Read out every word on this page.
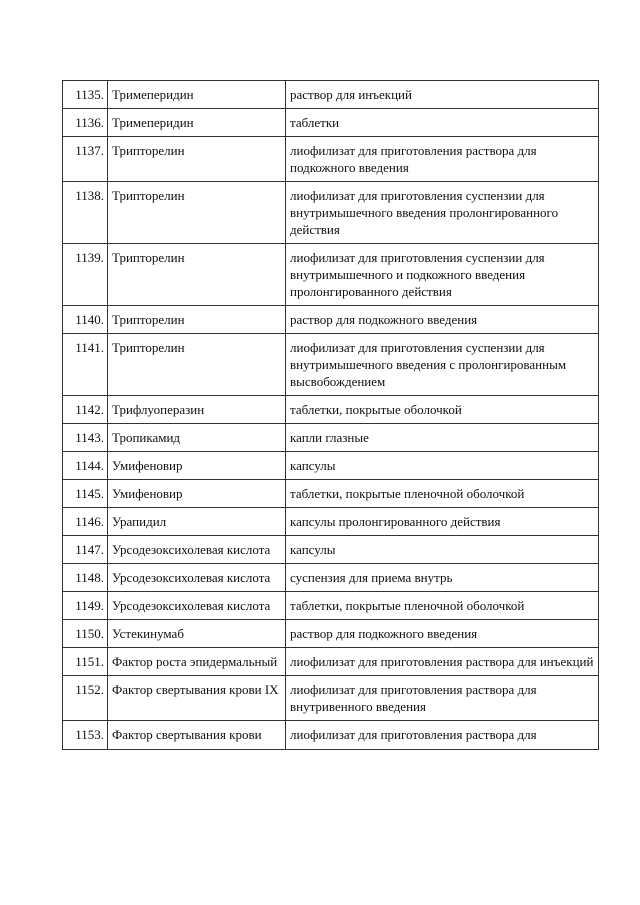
1135.	Тримеперидин	раствор для инъекций
1136.	Тримеперидин	таблетки
1137.	Трипторелин	лиофилизат для приготовления раствора для подкожного введения
1138.	Трипторелин	лиофилизат для приготовления суспензии для внутримышечного введения пролонгированного действия
1139.	Трипторелин	лиофилизат для приготовления суспензии для внутримышечного и подкожного введения пролонгированного действия
1140.	Трипторелин	раствор для подкожного введения
1141.	Трипторелин	лиофилизат для приготовления суспензии для внутримышечного введения с пролонгированным высвобождением
1142.	Трифлуоперазин	таблетки, покрытые оболочкой
1143.	Тропикамид	капли глазные
1144.	Умифеновир	капсулы
1145.	Умифеновир	таблетки, покрытые пленочной оболочкой
1146.	Урапидил	капсулы пролонгированного действия
1147.	Урсодезоксихолевая кислота	капсулы
1148.	Урсодезоксихолевая кислота	суспензия для приема внутрь
1149.	Урсодезоксихолевая кислота	таблетки, покрытые пленочной оболочкой
1150.	Устекинумаб	раствор для подкожного введения
1151.	Фактор роста эпидермальный	лиофилизат для приготовления раствора для инъекций
1152.	Фактор свертывания крови IX	лиофилизат для приготовления раствора для внутривенного введения
1153.	Фактор свертывания крови	лиофилизат для приготовления раствора для
